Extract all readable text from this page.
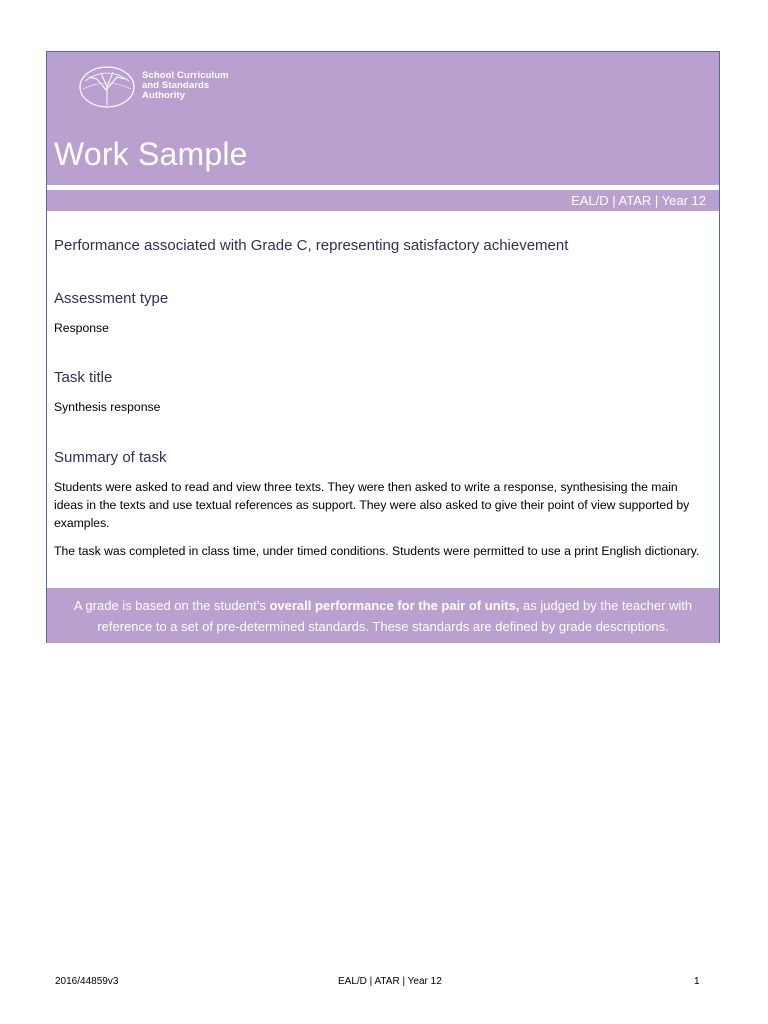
School Curriculum
and Standards
Authority
Work Sample
EAL/D | ATAR | Year 12
Performance associated with Grade C, representing satisfactory achievement
Assessment type
Response
Task title
Synthesis response
Summary of task
Students were asked to read and view three texts. They were then asked to write a response, synthesising the main ideas in the texts and use textual references as support. They were also asked to give their point of view supported by examples.
The task was completed in class time, under timed conditions. Students were permitted to use a print English dictionary.
A grade is based on the student’s overall performance for the pair of units, as judged by the teacher with reference to a set of pre-determined standards. These standards are defined by grade descriptions.
2016/44859v3	EAL/D | ATAR | Year 12	1
